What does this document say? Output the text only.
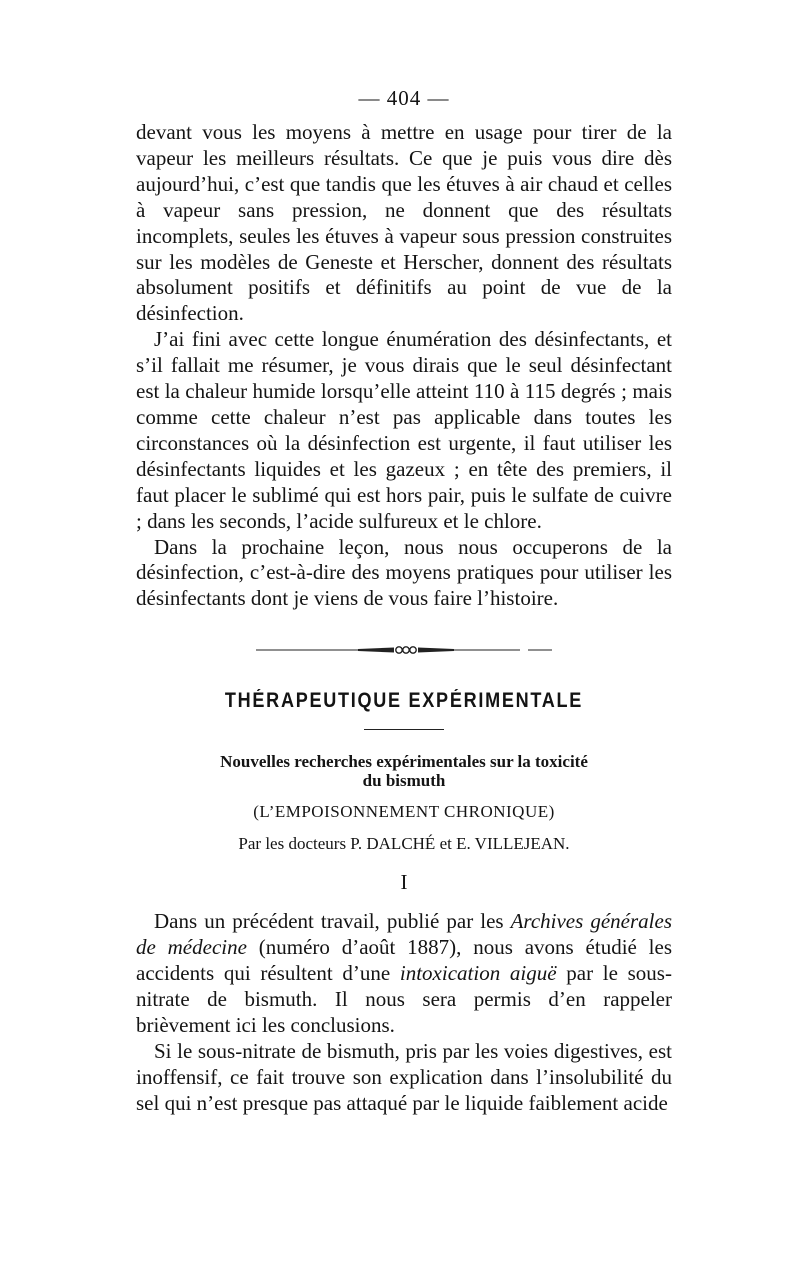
— 404 —

devant vous les moyens à mettre en usage pour tirer de la vapeur les meilleurs résultats. Ce que je puis vous dire dès aujourd’hui, c’est que tandis que les étuves à air chaud et celles à vapeur sans pression, ne donnent que des résultats incomplets, seules les étuves à vapeur sous pression construites sur les modèles de Geneste et Herscher, donnent des résultats absolument positifs et définitifs au point de vue de la désinfection.

J’ai fini avec cette longue énumération des désinfectants, et s’il fallait me résumer, je vous dirais que le seul désinfectant est la chaleur humide lorsqu’elle atteint 110 à 115 degrés ; mais comme cette chaleur n’est pas applicable dans toutes les circonstances où la désinfection est urgente, il faut utiliser les désinfectants liquides et les gazeux ; en tête des premiers, il faut placer le sublimé qui est hors pair, puis le sulfate de cuivre ; dans les seconds, l’acide sulfureux et le chlore.

Dans la prochaine leçon, nous nous occuperons de la désinfection, c’est-à-dire des moyens pratiques pour utiliser les désinfectants dont je viens de vous faire l’histoire.

THÉRAPEUTIQUE EXPÉRIMENTALE
Nouvelles recherches expérimentales sur la toxicité
du bismuth
(L’EMPOISONNEMENT CHRONIQUE)
Par les docteurs P. DALCHÉ et E. VILLEJEAN.
I

Dans un précédent travail, publié par les Archives générales de médecine (numéro d’août 1887), nous avons étudié les accidents qui résultent d’une intoxication aiguë par le sous-nitrate de bismuth. Il nous sera permis d’en rappeler brièvement ici les conclusions.

Si le sous-nitrate de bismuth, pris par les voies digestives, est inoffensif, ce fait trouve son explication dans l’insolubilité du sel qui n’est presque pas attaqué par le liquide faiblement acide
